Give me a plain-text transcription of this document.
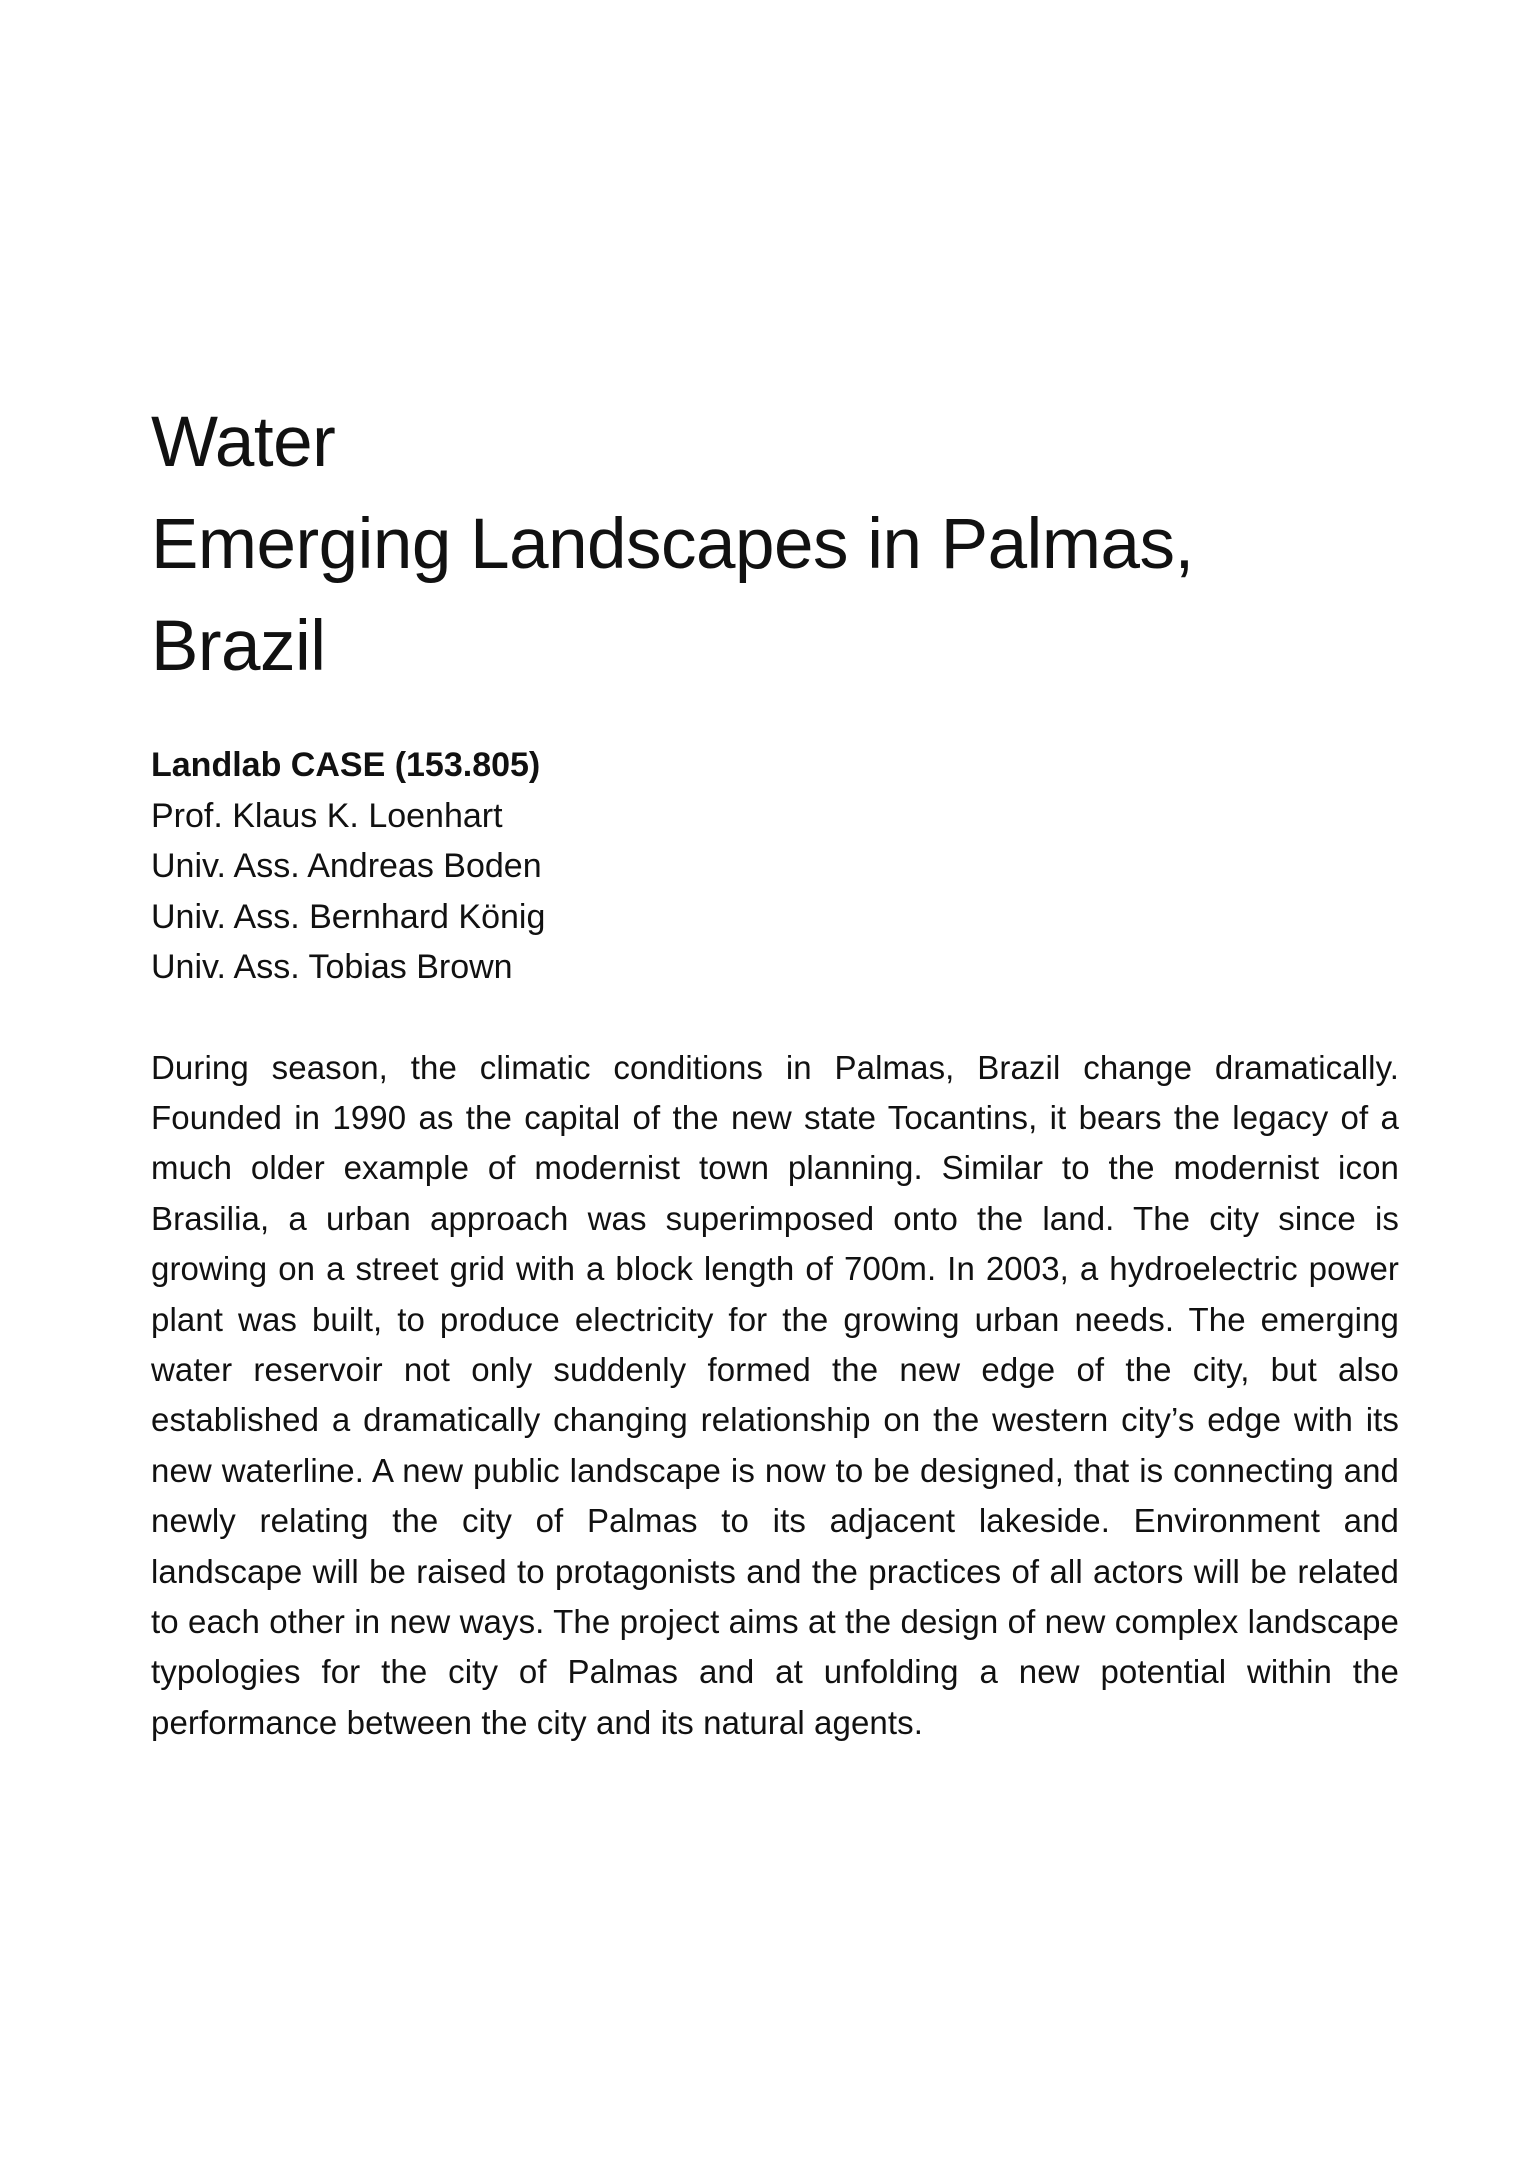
Water
Emerging Landscapes in Palmas,
Brazil
Landlab CASE (153.805)
Prof. Klaus K. Loenhart
Univ. Ass. Andreas Boden
Univ. Ass. Bernhard König
Univ. Ass. Tobias Brown

During season, the climatic conditions in Palmas, Brazil change dramatically. Founded in 1990 as the capital of the new state Tocantins, it bears the legacy of a much older example of modernist town planning. Similar to the modernist icon Brasilia, a urban approach was superimposed onto the land. The city since is growing on a street grid with a block length of 700m. In 2003, a hydroelectric power plant was built, to produce electricity for the growing urban needs. The emerging water reservoir not only suddenly formed the new edge of the city, but also established a dramatically changing relationship on the western city’s edge with its new waterline. A new public landscape is now to be designed, that is connecting and newly relating the city of Palmas to its adjacent lakeside. Environment and landscape will be raised to protagonists and the practices of all actors will be related to each other in new ways. The project aims at the design of new complex landscape typologies for the city of Palmas and at unfolding a new potential within the performance between the city and its natural agents.
